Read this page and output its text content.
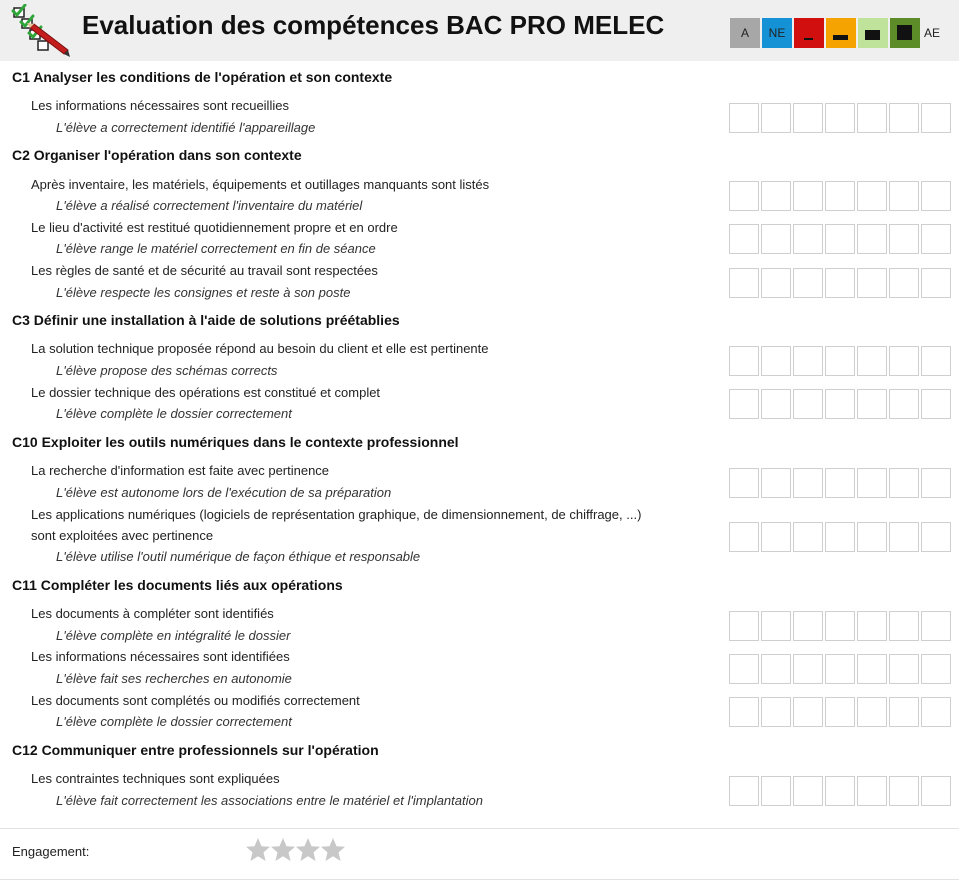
Evaluation des compétences BAC PRO MELEC	A NE	AE
C1 Analyser les conditions de l'opération et son contexte
Les informations nécessaires sont recueillies
L'élève a correctement identifié l'appareillage
C2 Organiser l'opération dans son contexte
Après inventaire, les matériels, équipements et outillages manquants sont listés
L'élève a réalisé correctement l'inventaire du matériel
Le lieu d'activité est restitué quotidiennement propre et en ordre
L'élève range le matériel correctement en fin de séance
Les règles de santé et de sécurité au travail sont respectées
L'élève respecte les consignes et reste à son poste
C3 Définir une installation à l'aide de solutions préétablies
La solution technique proposée répond au besoin du client et elle est pertinente
L'élève propose des schémas corrects
Le dossier technique des opérations est constitué et complet
L'élève complète le dossier correctement
C10 Exploiter les outils numériques dans le contexte professionnel
La recherche d'information est faite avec pertinence
L'élève est autonome lors de l'exécution de sa préparation
Les applications numériques (logiciels de représentation graphique, de dimensionnement, de chiffrage, ...)
sont exploitées avec pertinence
L'élève utilise l'outil numérique de façon éthique et responsable
C11 Compléter les documents liés aux opérations
Les documents à compléter sont identifiés
L'élève complète en intégralité le dossier
Les informations nécessaires sont identifiées
L'élève fait ses recherches en autonomie
Les documents sont complétés ou modifiés correctement
L'élève complète le dossier correctement
C12 Communiquer entre professionnels sur l'opération
Les contraintes techniques sont expliquées
L'élève fait correctement les associations entre le matériel et l'implantation
Engagement:
